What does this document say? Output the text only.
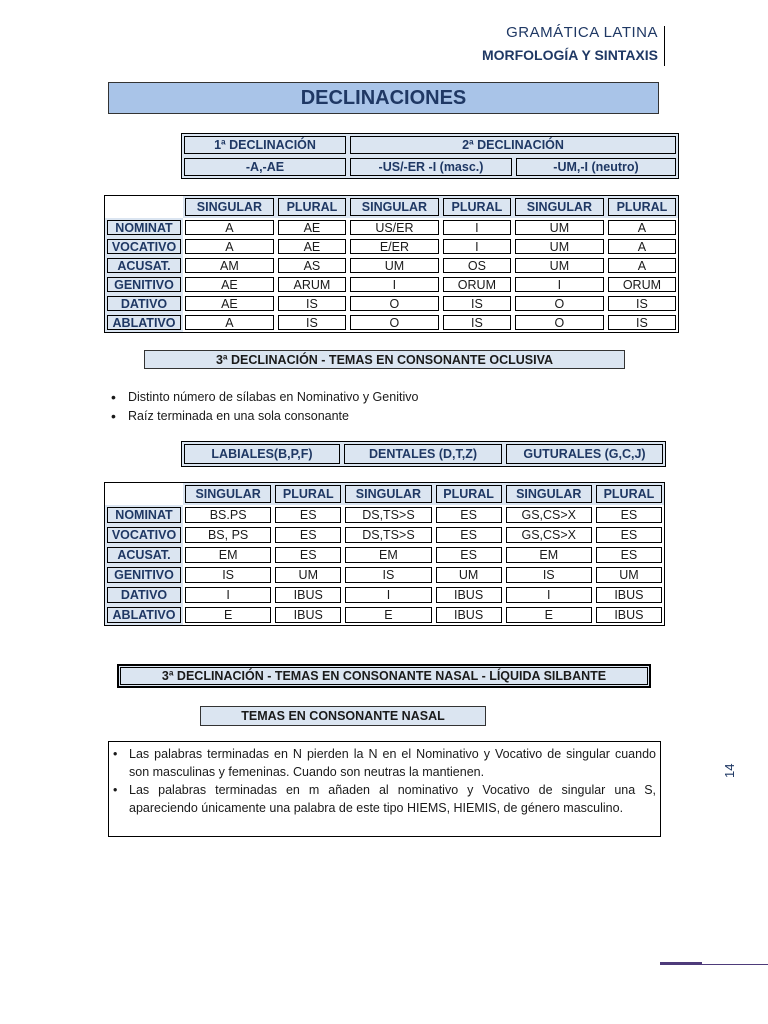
GRAMÁTICA LATINA
MORFOLOGÍA Y SINTAXIS
DECLINACIONES
1ª DECLINACIÓN	2ª DECLINACIÓN	
-A,-AE	-US/-ER -I (masc.)	-UM,-I (neutro)
	SINGULAR	PLURAL	SINGULAR	PLURAL	SINGULAR	PLURAL
NOMINAT	A	AE	US/ER	I	UM	A
VOCATIVO	A	AE	E/ER	I	UM	A
ACUSAT.	AM	AS	UM	OS	UM	A
GENITIVO	AE	ARUM	I	ORUM	I	ORUM
DATIVO	AE	IS	O	IS	O	IS
ABLATIVO	A	IS	O	IS	O	IS
3ª DECLINACIÓN - TEMAS EN CONSONANTE OCLUSIVA
• Distinto número de sílabas en Nominativo y Genitivo
• Raíz terminada en una sola consonante
LABIALES(B,P,F)	DENTALES (D,T,Z)	GUTURALES (G,C,J)
	SINGULAR	PLURAL	SINGULAR	PLURAL	SINGULAR	PLURAL
NOMINAT	BS.PS	ES	DS,TS>S	ES	GS,CS>X	ES
VOCATIVO	BS, PS	ES	DS,TS>S	ES	GS,CS>X	ES
ACUSAT.	EM	ES	EM	ES	EM	ES
GENITIVO	IS	UM	IS	UM	IS	UM
DATIVO	I	IBUS	I	IBUS	I	IBUS
ABLATIVO	E	IBUS	E	IBUS	E	IBUS
3ª DECLINACIÓN - TEMAS EN CONSONANTE NASAL - LÍQUIDA SILBANTE
TEMAS EN CONSONANTE NASAL
• Las palabras terminadas en N pierden la N en el Nominativo y Vocativo de singular cuando son masculinas y femeninas. Cuando son neutras la mantienen.
• Las palabras terminadas en m añaden al nominativo y Vocativo de singular una S, apareciendo únicamente una palabra de este tipo HIEMS, HIEMIS, de género masculino.
14
